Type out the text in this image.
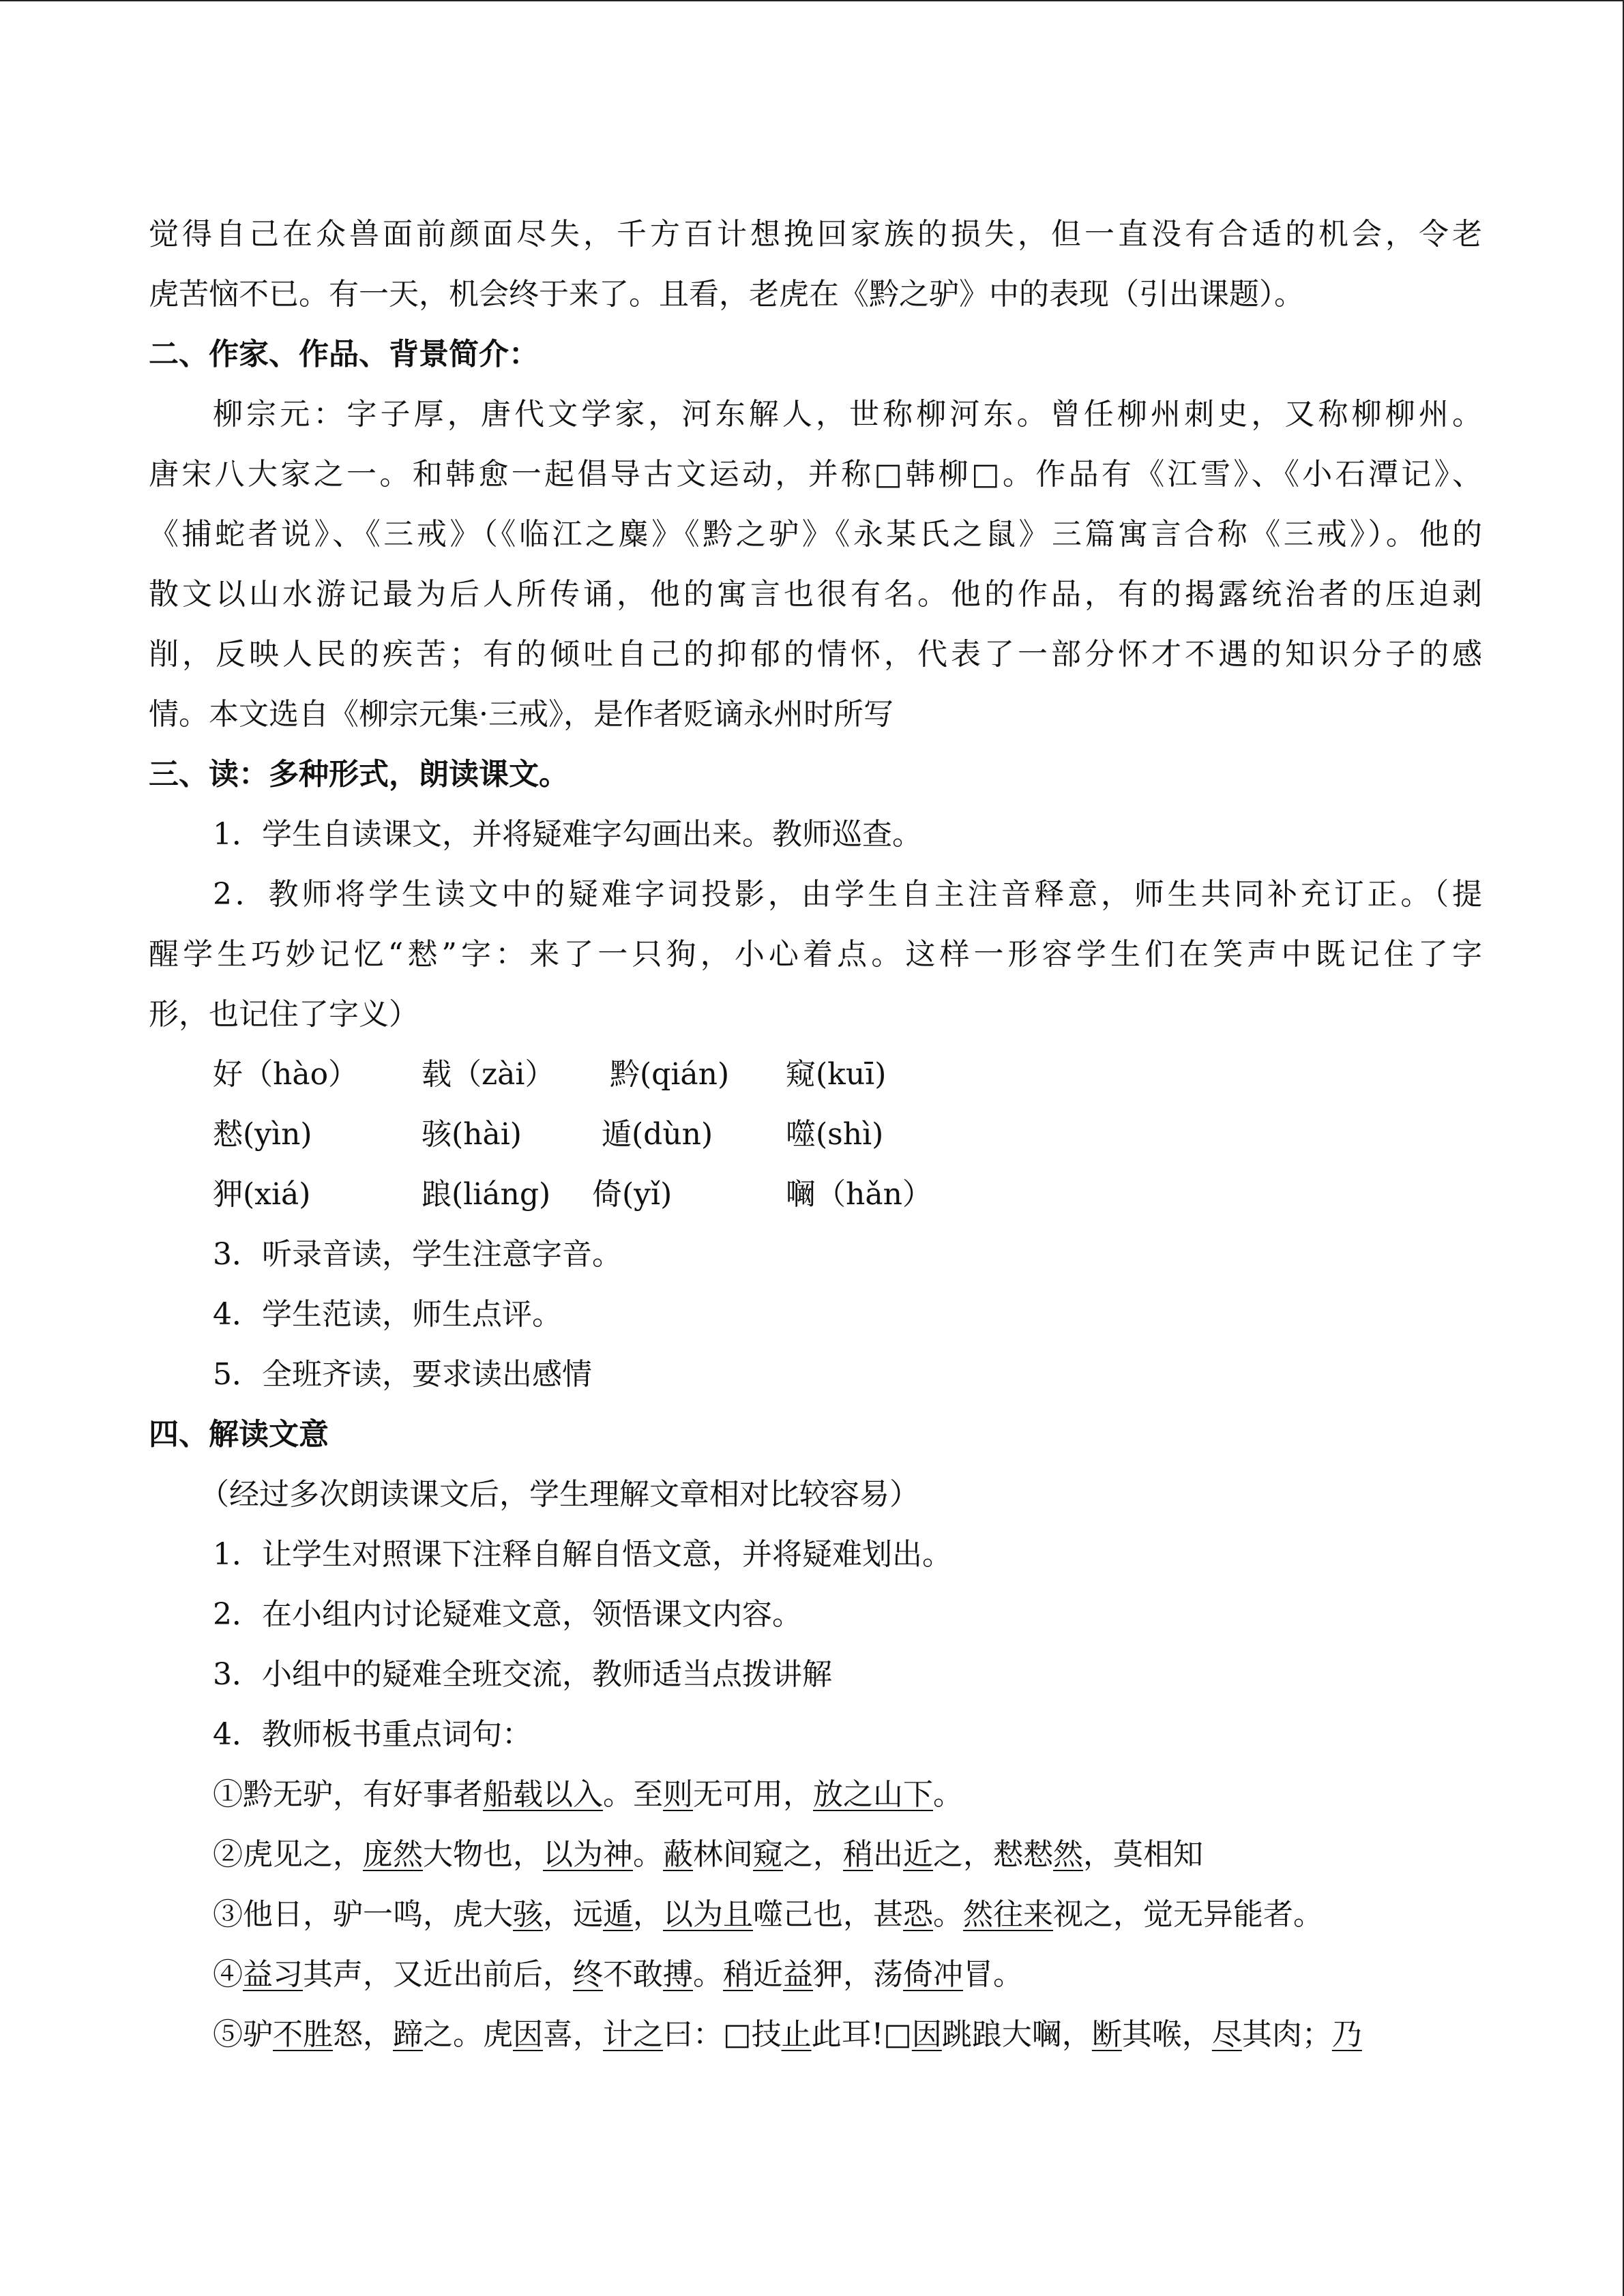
觉得自己在众兽面前颜面尽失，千方百计想挽回家族的损失，但一直没有合适的机会，令老
虎苦恼不已。有一天，机会终于来了。且看，老虎在《黔之驴》中的表现（引出课题）。
二、作家、作品、背景简介：
柳宗元：字子厚，唐代文学家，河东解人，世称柳河东。曾任柳州刺史，又称柳柳州。
唐宋八大家之一。和韩愈一起倡导古文运动，并称□韩柳□。作品有《江雪》、《小石潭记》、
《捕蛇者说》、《三戒》（《临江之麋》《黔之驴》《永某氏之鼠》三篇寓言合称《三戒》）。他的
散文以山水游记最为后人所传诵，他的寓言也很有名。他的作品，有的揭露统治者的压迫剥
削，反映人民的疾苦；有的倾吐自己的抑郁的情怀，代表了一部分怀才不遇的知识分子的感
情。本文选自《柳宗元集·三戒》，是作者贬谪永州时所写
三、读：多种形式，朗读课文。
1．学生自读课文，并将疑难字勾画出来。教师巡查。
2．教师将学生读文中的疑难字词投影，由学生自主注音释意，师生共同补充订正。（提
醒学生巧妙记忆“慭”字：来了一只狗，小心着点。这样一形容学生们在笑声中既记住了字
形，也记住了字义）
好（hào） 载（zài） 黔(qián) 窥(kuī)
慭(yìn)	骇(hài)	遁(dùn) 噬(shì)
狎(xiá)	踉(liáng) 倚(yǐ)	㘎（hǎn）
3．听录音读，学生注意字音。
4．学生范读，师生点评。
5．全班齐读，要求读出感情
四、解读文意
（经过多次朗读课文后，学生理解文章相对比较容易）
1．让学生对照课下注释自解自悟文意，并将疑难划出。
2．在小组内讨论疑难文意，领悟课文内容。
3．小组中的疑难全班交流，教师适当点拨讲解
4．教师板书重点词句：
①黔无驴，有好事者船载以入。至则无可用，放之山下。
②虎见之，庞然大物也，以为神。蔽林间窥之，稍出近之，慭慭然，莫相知
③他日，驴一鸣，虎大骇，远遁，以为且噬己也，甚恐。然往来视之，觉无异能者。
④益习其声，又近出前后，终不敢搏。稍近益狎，荡倚冲冒。
⑤驴不胜怒，蹄之。虎因喜，计之曰：□技止此耳!□因跳踉大㘎，断其喉，尽其肉；乃
